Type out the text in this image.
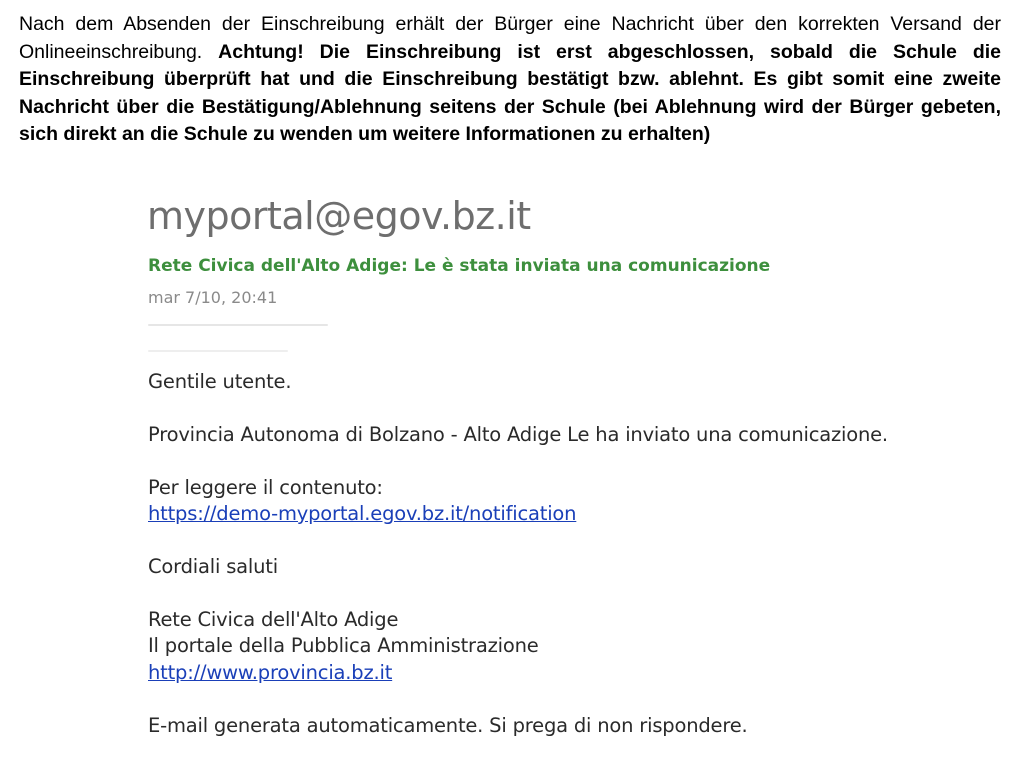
Nach dem Absenden der Einschreibung erhält der Bürger eine Nachricht über den korrekten Versand der Onlineeinschreibung. Achtung! Die Einschreibung ist erst abgeschlossen, sobald die Schule die Einschreibung überprüft hat und die Einschreibung bestätigt bzw. ablehnt. Es gibt somit eine zweite Nachricht über die Bestätigung/Ablehnung seitens der Schule (bei Ablehnung wird der Bürger gebeten, sich direkt an die Schule zu wenden um weitere Informationen zu erhalten)

myportal@egov.bz.it
Rete Civica dell'Alto Adige: Le è stata inviata una comunicazione
mar 7/10, 20:41
Gentile utente.
Provincia Autonoma di Bolzano - Alto Adige Le ha inviato una comunicazione.
Per leggere il contenuto:
https://demo-myportal.egov.bz.it/notification
Cordiali saluti
Rete Civica dell'Alto Adige
Il portale della Pubblica Amministrazione
http://www.provincia.bz.it
E-mail generata automaticamente. Si prega di non rispondere.
